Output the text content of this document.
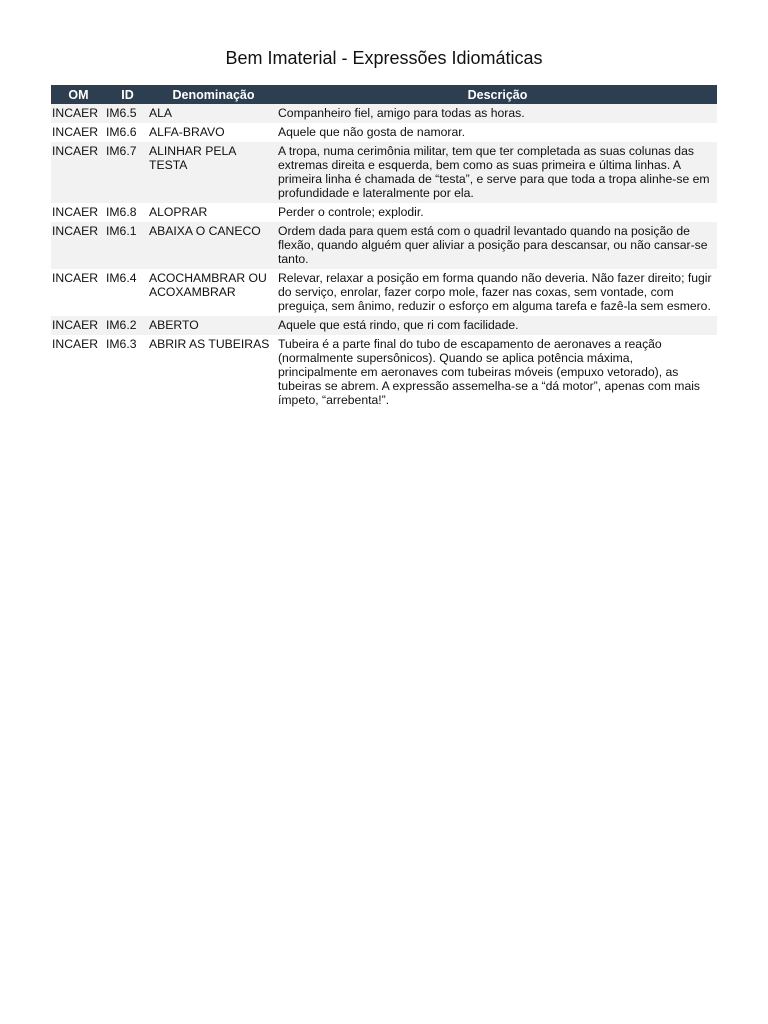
Bem Imaterial - Expressões Idiomáticas
OM	ID	Denominação	Descrição
INCAER	IM6.5	ALA	Companheiro fiel, amigo para todas as horas.
INCAER	IM6.6	ALFA-BRAVO	Aquele que não gosta de namorar.
INCAER	IM6.7	ALINHAR PELA TESTA	A tropa, numa cerimônia militar, tem que ter completada as suas colunas das extremas direita e esquerda, bem como as suas primeira e última linhas. A primeira linha é chamada de “testa”, e serve para que toda a tropa alinhe-se em profundidade e lateralmente por ela.
INCAER	IM6.8	ALOPRAR	Perder o controle; explodir.
INCAER	IM6.1	ABAIXA O CANECO	Ordem dada para quem está com o quadril levantado quando na posição de flexão, quando alguém quer aliviar a posição para descansar, ou não cansar-se tanto.
INCAER	IM6.4	ACOCHAMBRAR OU ACOXAMBRAR	Relevar, relaxar a posição em forma quando não deveria. Não fazer direito; fugir do serviço, enrolar, fazer corpo mole, fazer nas coxas, sem vontade, com preguiça, sem ânimo, reduzir o esforço em alguma tarefa e fazê-la sem esmero.
INCAER	IM6.2	ABERTO	Aquele que está rindo, que ri com facilidade.
INCAER	IM6.3	ABRIR AS TUBEIRAS	Tubeira é a parte final do tubo de escapamento de aeronaves a reação (normalmente supersônicos). Quando se aplica potência máxima, principalmente em aeronaves com tubeiras móveis (empuxo vetorado), as tubeiras se abrem. A expressão assemelha-se a “dá motor”, apenas com mais ímpeto, “arrebenta!”.
